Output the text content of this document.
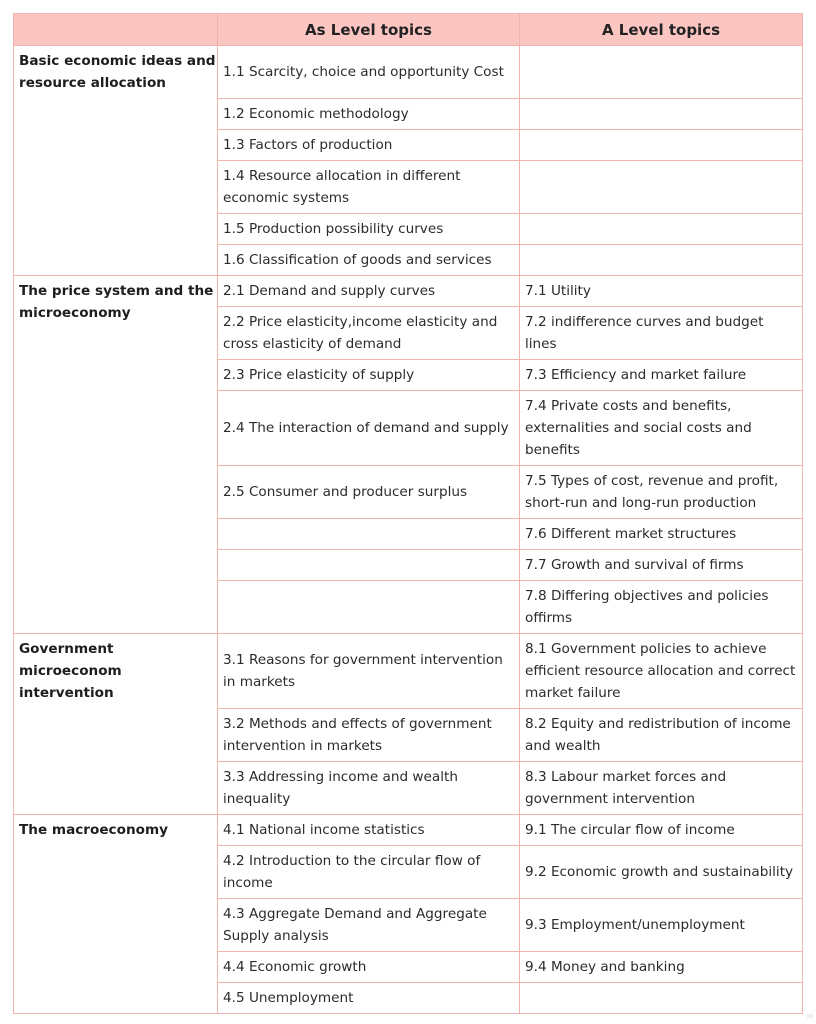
	As Level topics	A Level topics

Basic economic ideas and resource allocation	1.1 Scarcity, choice and opportunity Cost	
	1.2 Economic methodology	
	1.3 Factors of production	
	1.4 Resource allocation in different economic systems	
	1.5 Production possibility curves	
	1.6 Classification of goods and services	

The price system and the microeconomy	2.1 Demand and supply curves	7.1 Utility
	2.2 Price elasticity,income elasticity and cross elasticity of demand	7.2 indifference curves and budget lines
	2.3 Price elasticity of supply	7.3 Efficiency and market failure
	2.4 The interaction of demand and supply	7.4 Private costs and benefits, externalities and social costs and benefits
	2.5 Consumer and producer surplus	7.5 Types of cost, revenue and profit, short-run and long-run production
		7.6 Different market structures
		7.7 Growth and survival of firms
		7.8 Differing objectives and policies offirms

Government microeconom intervention	3.1 Reasons for government intervention in markets	8.1 Government policies to achieve efficient resource allocation and correct market failure
	3.2 Methods and effects of government intervention in markets	8.2 Equity and redistribution of income and wealth
	3.3 Addressing income and wealth inequality	8.3 Labour market forces and government intervention

The macroeconomy	4.1 National income statistics	9.1 The circular flow of income
	4.2 Introduction to the circular flow of income	9.2 Economic growth and sustainability
	4.3 Aggregate Demand and Aggregate Supply analysis	9.3 Employment/unemployment
	4.4 Economic growth	9.4 Money and banking
	4.5 Unemployment	
